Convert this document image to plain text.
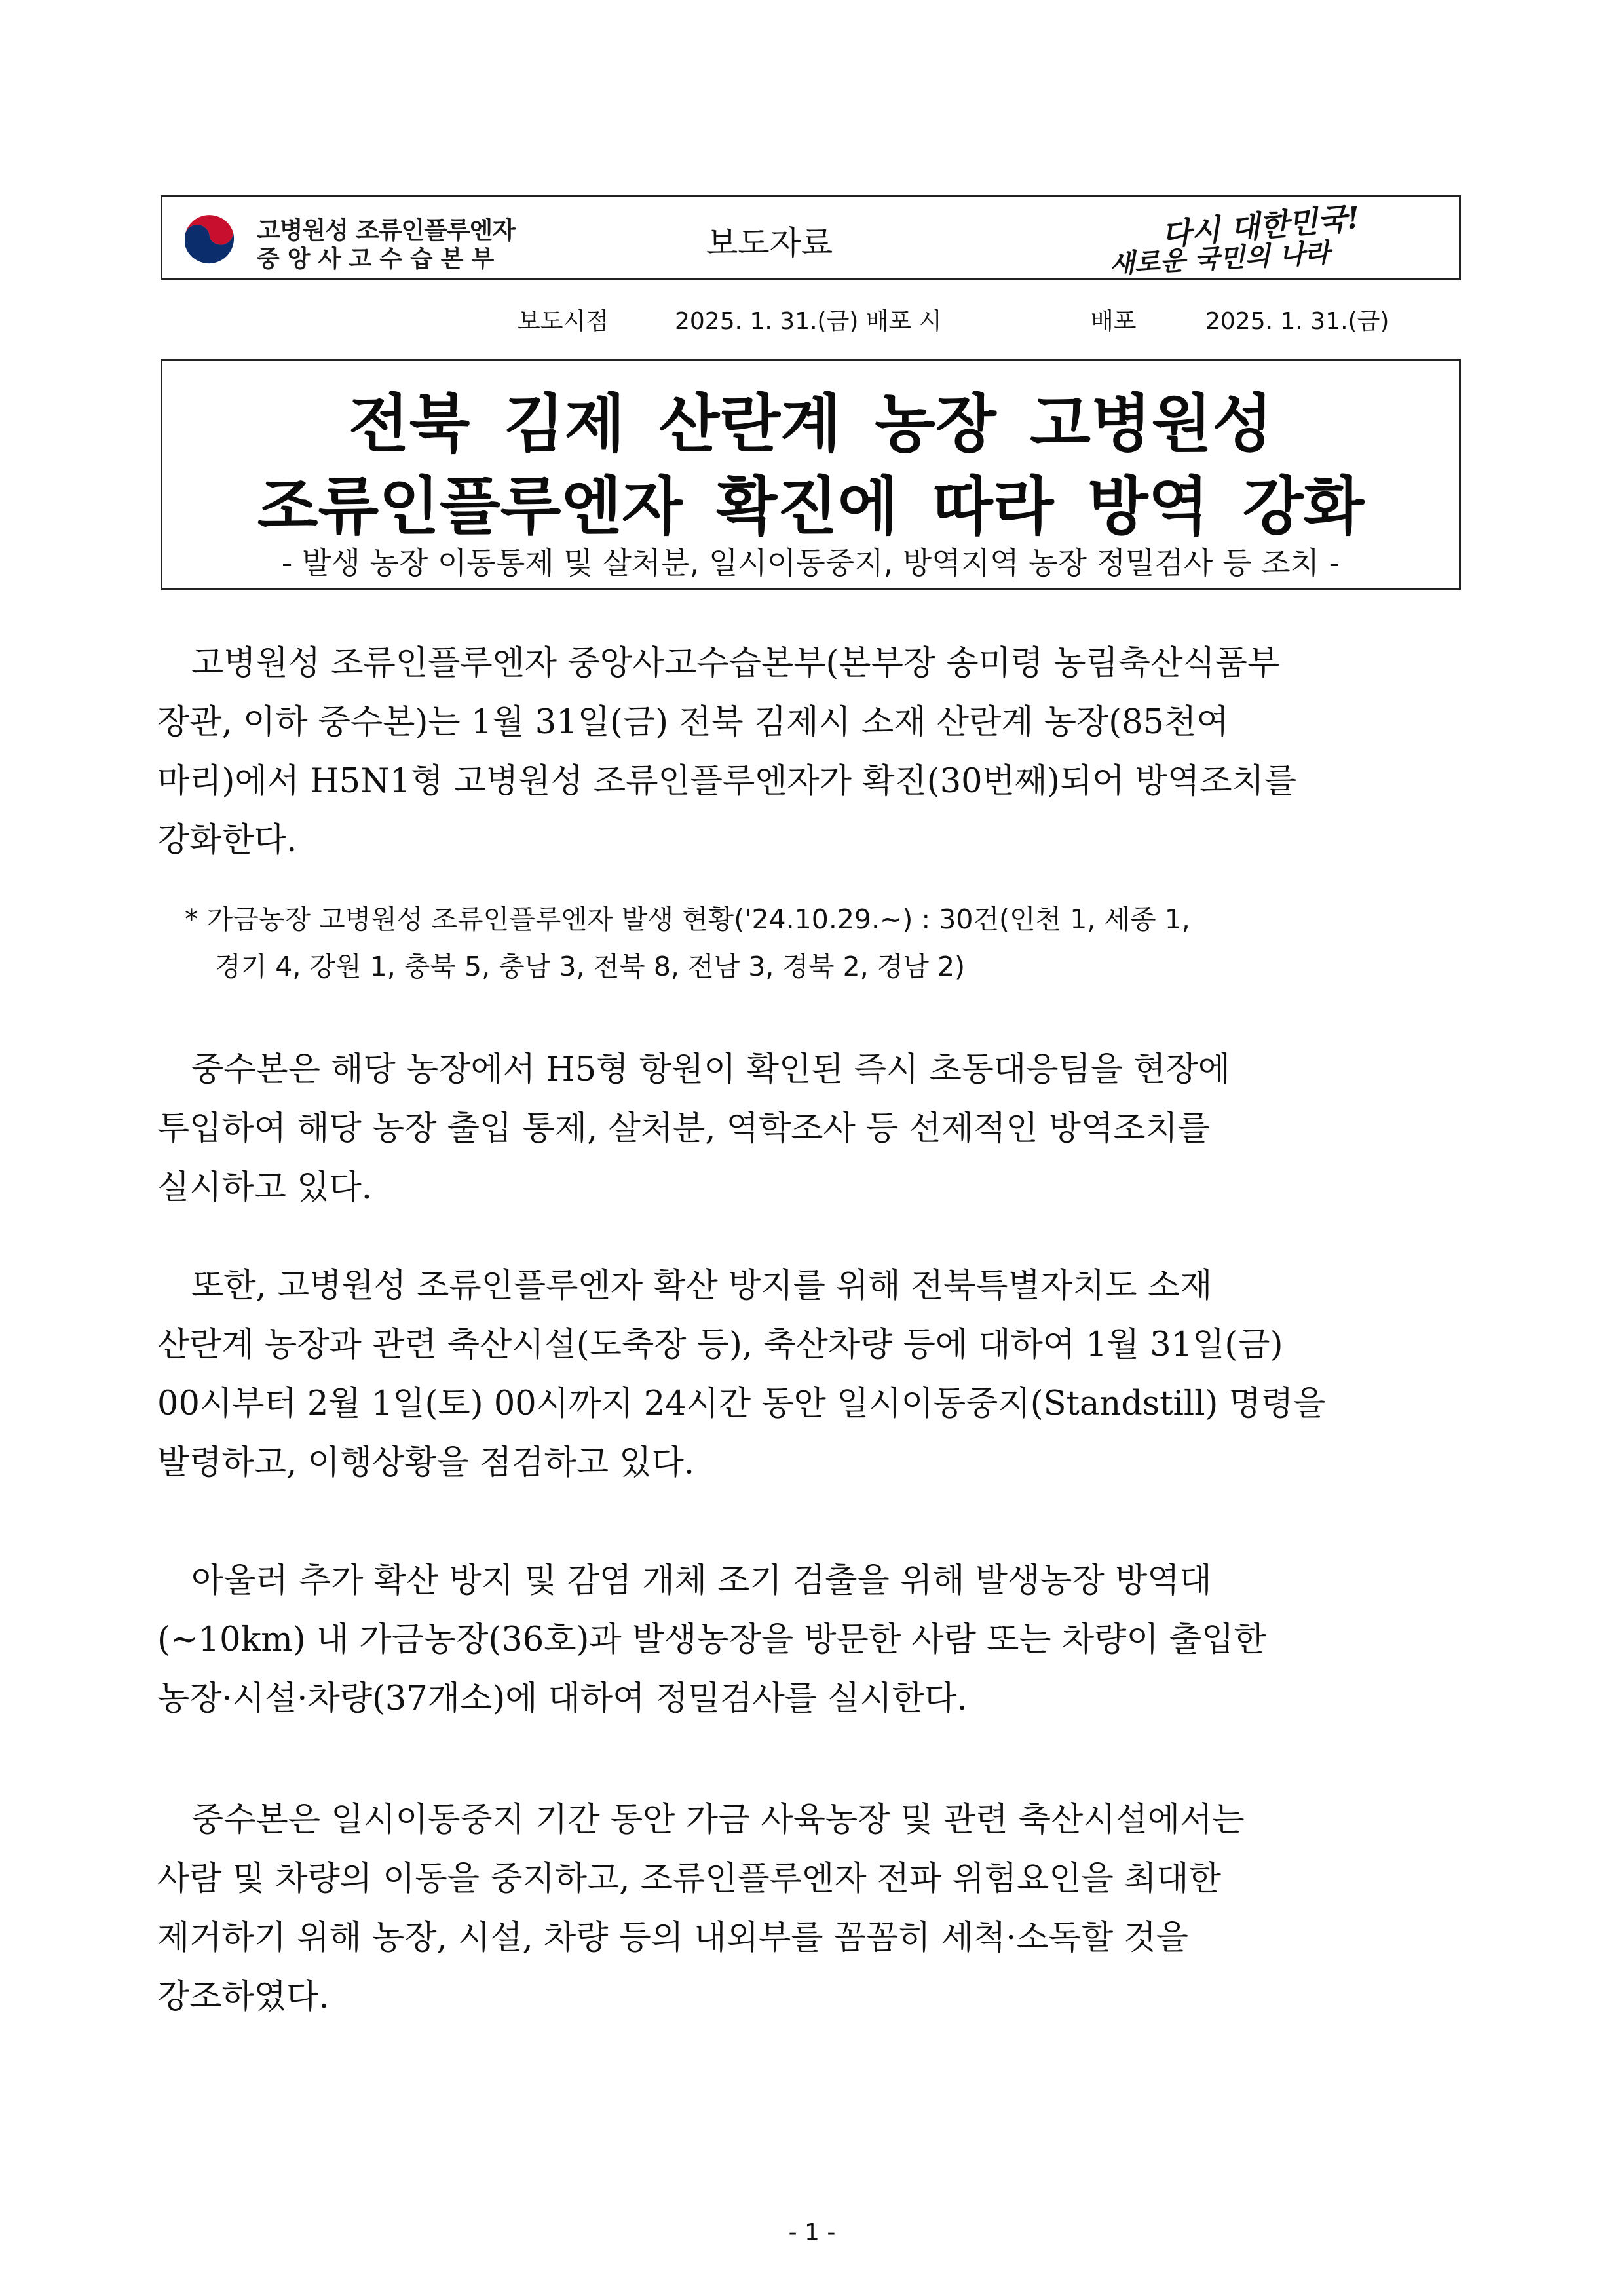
고병원성 조류인플루엔자
중앙사고수습본부	보도자료	다시 대한민국!
새로운 국민의 나라
보도시점	2025. 1. 31.(금) 배포 시	배포	2025. 1. 31.(금)
전북 김제 산란계 농장 고병원성
조류인플루엔자 확진에 따라 방역 강화
- 발생 농장 이동통제 및 살처분, 일시이동중지, 방역지역 농장 정밀검사 등 조치 -
고병원성 조류인플루엔자 중앙사고수습본부(본부장 송미령 농림축산식품부
장관, 이하 중수본)는 1월 31일(금) 전북 김제시 소재 산란계 농장(85천여
마리)에서 H5N1형 고병원성 조류인플루엔자가 확진(30번째)되어 방역조치를
강화한다.
* 가금농장 고병원성 조류인플루엔자 발생 현황('24.10.29.~) : 30건(인천 1, 세종 1,
경기 4, 강원 1, 충북 5, 충남 3, 전북 8, 전남 3, 경북 2, 경남 2)
중수본은 해당 농장에서 H5형 항원이 확인된 즉시 초동대응팀을 현장에
투입하여 해당 농장 출입 통제, 살처분, 역학조사 등 선제적인 방역조치를
실시하고 있다.
또한, 고병원성 조류인플루엔자 확산 방지를 위해 전북특별자치도 소재
산란계 농장과 관련 축산시설(도축장 등), 축산차량 등에 대하여 1월 31일(금)
00시부터 2월 1일(토) 00시까지 24시간 동안 일시이동중지(Standstill) 명령을
발령하고, 이행상황을 점검하고 있다.
아울러 추가 확산 방지 및 감염 개체 조기 검출을 위해 발생농장 방역대
(~10km) 내 가금농장(36호)과 발생농장을 방문한 사람 또는 차량이 출입한
농장·시설·차량(37개소)에 대하여 정밀검사를 실시한다.
중수본은 일시이동중지 기간 동안 가금 사육농장 및 관련 축산시설에서는
사람 및 차량의 이동을 중지하고, 조류인플루엔자 전파 위험요인을 최대한
제거하기 위해 농장, 시설, 차량 등의 내외부를 꼼꼼히 세척·소독할 것을
강조하였다.
- 1 -
